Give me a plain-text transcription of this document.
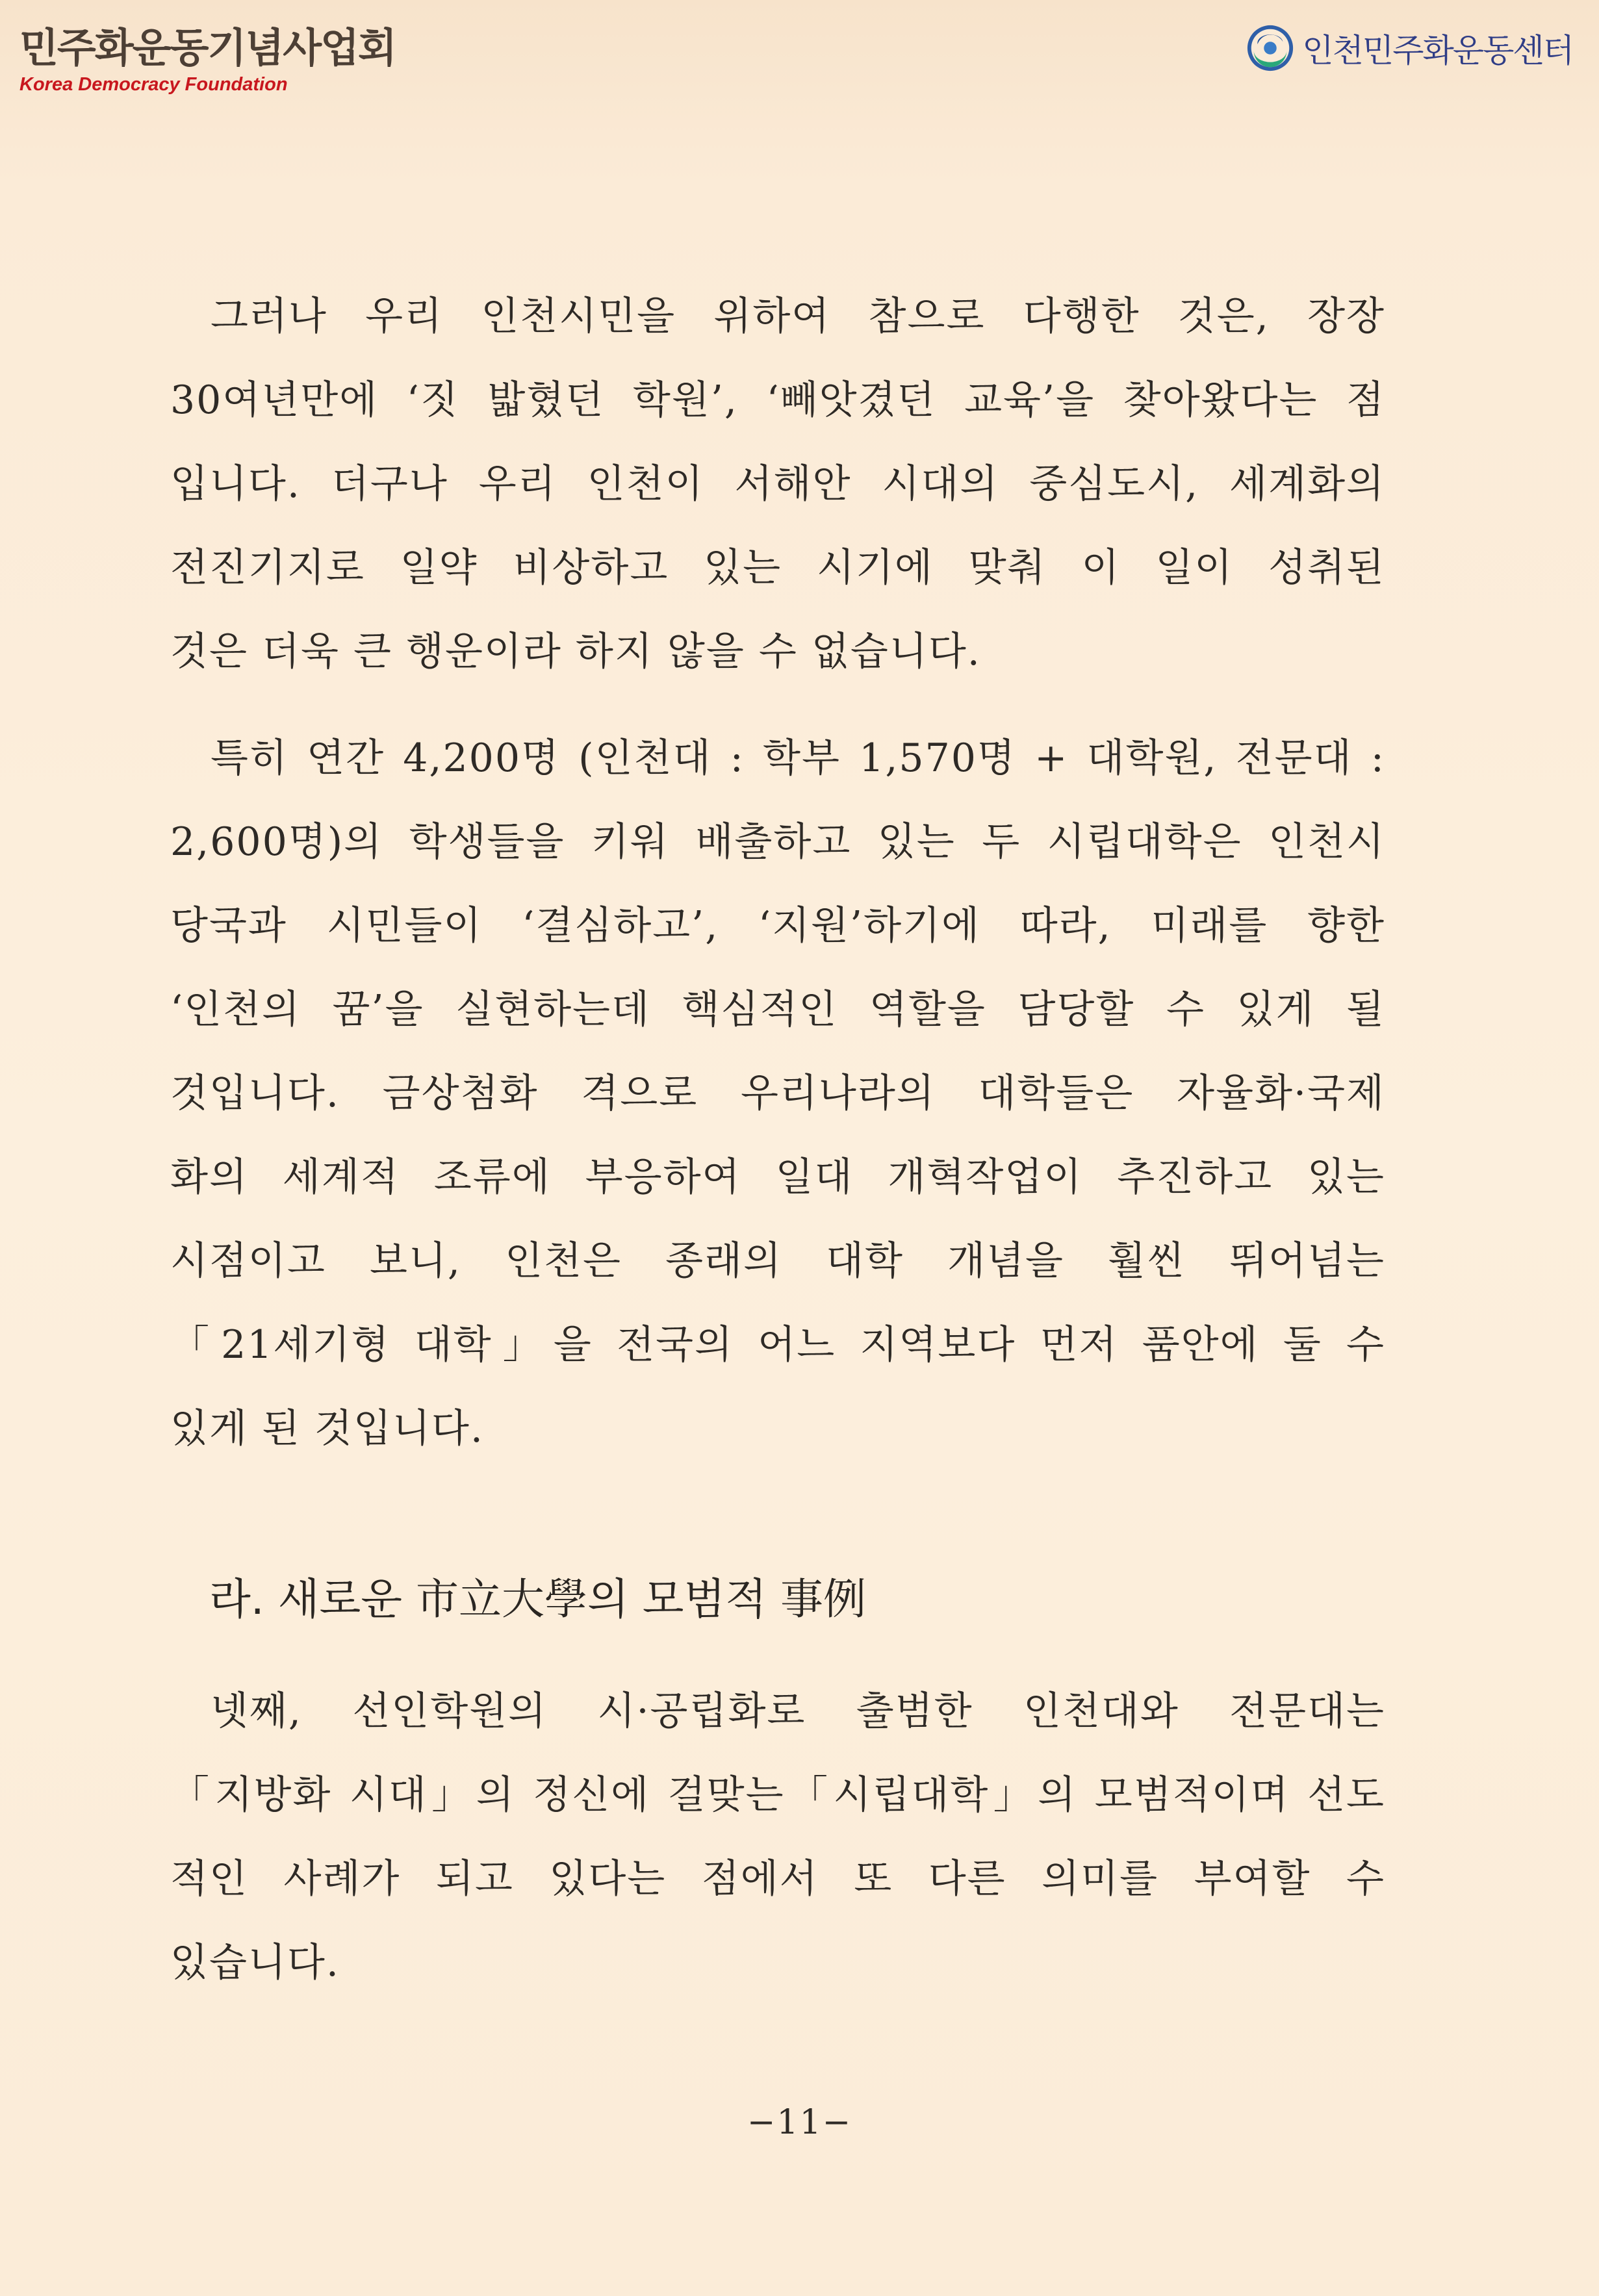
민주화운동기념사업회
Korea Democracy Foundation
인천민주화운동센터
그러나 우리 인천시민을 위하여 참으로 다행한 것은, 장장
30여년만에 ‘짓 밟혔던 학원’, ‘빼앗겼던 교육’을 찾아왔다는 점
입니다. 더구나 우리 인천이 서해안 시대의 중심도시, 세계화의
전진기지로 일약 비상하고 있는 시기에 맞춰 이 일이 성취된
것은 더욱 큰 행운이라 하지 않을 수 없습니다.
특히 연간 4,200명 (인천대 : 학부 1,570명 + 대학원, 전문대 :
2,600명)의 학생들을 키워 배출하고 있는 두 시립대학은 인천시
당국과 시민들이 ‘결심하고’, ‘지원’하기에 따라, 미래를 향한
‘인천의 꿈’을 실현하는데 핵심적인 역할을 담당할 수 있게 될
것입니다. 금상첨화 격으로 우리나라의 대학들은 자율화·국제
화의 세계적 조류에 부응하여 일대 개혁작업이 추진하고 있는
시점이고 보니, 인천은 종래의 대학 개념을 훨씬 뛰어넘는
「21세기형 대학」을 전국의 어느 지역보다 먼저 품안에 둘 수
있게 된 것입니다.
라. 새로운 市立大學의 모범적 事例
넷째, 선인학원의 시·공립화로 출범한 인천대와 전문대는
「지방화 시대」의 정신에 걸맞는「시립대학」의 모범적이며 선도
적인 사례가 되고 있다는 점에서 또 다른 의미를 부여할 수
있습니다.
−11−
